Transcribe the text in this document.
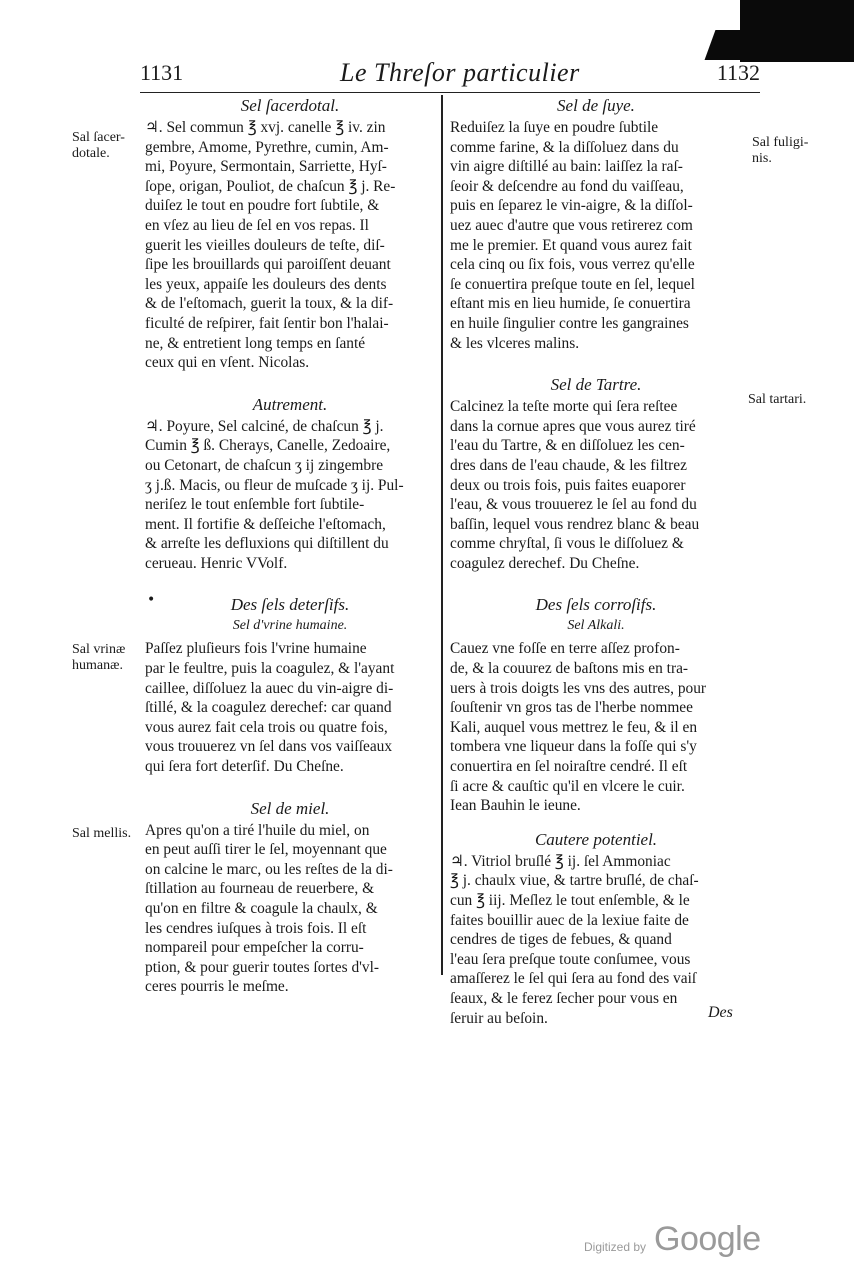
1131	Le Threſor particulier	1132

Sel ſacerdotal.

♃. Sel commun ℥ xvj. canelle ℥ iv. zin
gembre, Amome, Pyrethre, cumin, Am-
mi, Poyure, Sermontain, Sarriette, Hyſ-
ſope, origan, Pouliot, de chaſcun ℥ j. Re-
duiſez le tout en poudre fort ſubtile, &
en vſez au lieu de ſel en vos repas. Il
guerit les vieilles douleurs de teſte, diſ-
ſipe les brouillards qui paroiſſent deuant
les yeux, appaiſe les douleurs des dents
& de l'eſtomach, guerit la toux, & la dif-
ficulté de reſpirer, fait ſentir bon l'halai-
ne, & entretient long temps en ſanté
ceux qui en vſent. Nicolas.

Autrement.

♃. Poyure, Sel calciné, de chaſcun ℥ j.
Cumin ℥ ß. Cherays, Canelle, Zedoaire,
ou Cetonart, de chaſcun ʒ ij zingembre
ʒ j.ß. Macis, ou fleur de muſcade ʒ ij. Pul-
neriſez le tout enſemble fort ſubtile-
ment. Il fortifie & deſſeiche l'eſtomach,
& arreſte les defluxions qui diſtillent du
cerueau. Henric VVolf.

Des ſels deterſifs.

Sel d'vrine humaine.

Paſſez pluſieurs fois l'vrine humaine
par le feultre, puis la coagulez, & l'ayant
caillee, diſſoluez la auec du vin-aigre di-
ſtillé, & la coagulez derechef: car quand
vous aurez fait cela trois ou quatre fois,
vous trouuerez vn ſel dans vos vaiſſeaux
qui ſera fort deterſif. Du Cheſne.

Sel de miel.

Apres qu'on a tiré l'huile du miel, on
en peut auſſi tirer le ſel, moyennant que
on calcine le marc, ou les reſtes de la di-
ſtillation au fourneau de reuerbere, &
qu'on en filtre & coagule la chaulx, &
les cendres iuſques à trois fois. Il eſt
nompareil pour empeſcher la corru-
ption, & pour guerir toutes ſortes d'vl-
ceres pourris le meſme.

Sel de ſuye.

Reduiſez la ſuye en poudre ſubtile
comme farine, & la diſſoluez dans du
vin aigre diſtillé au bain: laiſſez la raſ-
ſeoir & deſcendre au fond du vaiſſeau,
puis en ſeparez le vin-aigre, & la diſſol-
uez auec d'autre que vous retirerez com
me le premier. Et quand vous aurez fait
cela cinq ou ſix fois, vous verrez qu'elle
ſe conuertira preſque toute en ſel, lequel
eſtant mis en lieu humide, ſe conuertira
en huile ſingulier contre les gangraines
& les vlceres malins.

Sel de Tartre.

Calcinez la teſte morte qui ſera reſtee
dans la cornue apres que vous aurez tiré
l'eau du Tartre, & en diſſoluez les cen-
dres dans de l'eau chaude, & les filtrez
deux ou trois fois, puis faites euaporer
l'eau, & vous trouuerez le ſel au fond du
baſſin, lequel vous rendrez blanc & beau
comme chryſtal, ſi vous le diſſoluez &
coagulez derechef. Du Cheſne.

Des ſels corroſifs.

Sel Alkali.

Cauez vne foſſe en terre aſſez profon-
de, & la couurez de baſtons mis en tra-
uers à trois doigts les vns des autres, pour
ſouſtenir vn gros tas de l'herbe nommee
Kali, auquel vous mettrez le feu, & il en
tombera vne liqueur dans la foſſe qui s'y
conuertira en ſel noiraſtre cendré. Il eſt
ſi acre & cauſtic qu'il en vlcere le cuir.
Iean Bauhin le ieune.

Cautere potentiel.

♃. Vitriol bruſlé ℥ ij. ſel Ammoniac
℥ j. chaulx viue, & tartre bruſlé, de chaſ-
cun ℥ iij. Meſlez le tout enſemble, & le
faites bouillir auec de la lexiue faite de
cendres de tiges de febues, & quand
l'eau ſera preſque toute conſumee, vous
amaſſerez le ſel qui ſera au fond des vaiſ
ſeaux, & le ferez ſecher pour vous en
ſeruir au beſoin.
Sal ſacer- dotale.
Sal fuligi- nis.
Sal tartari.
Sal vrinæ humanæ.
Sal mellis.
•
Des
Digitized by Google
